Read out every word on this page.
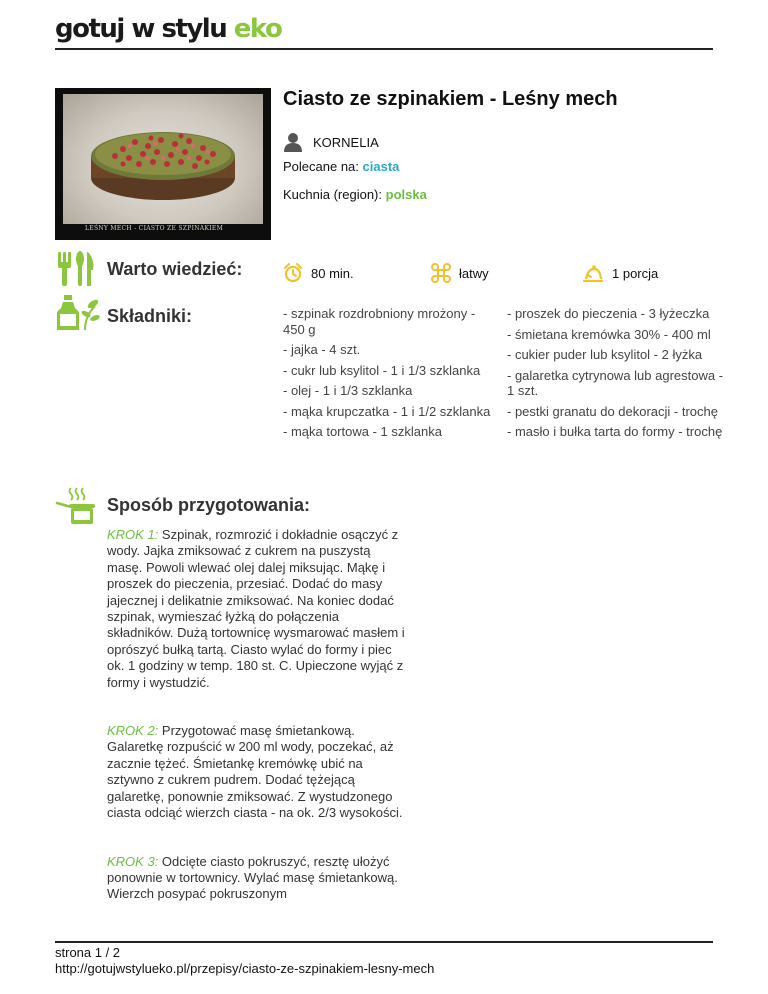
gotuj w stylu eko
LEŚNY MECH - CIASTO ZE SZPINAKIEM
Ciasto ze szpinakiem - Leśny mech
KORNELIA
Polecane na: ciasta
Kuchnia (region): polska
Warto wiedzieć:	80 min.	łatwy	1 porcja
Składniki:	- szpinak rozdrobniony mrożony - 450 g
- jajka - 4 szt.
- cukr lub ksylitol - 1 i 1/3 szklanka
- olej - 1 i 1/3 szklanka
- mąka krupczatka - 1 i 1/2 szklanka
- mąka tortowa - 1 szklanka
- proszek do pieczenia - 3 łyżeczka
- śmietana kremówka 30% - 400 ml
- cukier puder lub ksylitol - 2 łyżka
- galaretka cytrynowa lub agrestowa - 1 szt.
- pestki granatu do dekoracji - trochę
- masło i bułka tarta do formy - trochę
Sposób przygotowania:

KROK 1: Szpinak, rozmrozić i dokładnie osączyć z wody. Jajka zmiksować z cukrem na puszystą masę. Powoli wlewać olej dalej miksując. Mąkę i proszek do pieczenia, przesiać. Dodać do masy jajecznej i delikatnie zmiksować. Na koniec dodać szpinak, wymieszać łyżką do połączenia składników. Dużą tortownicę wysmarować masłem i oprószyć bułką tartą. Ciasto wylać do formy i piec ok. 1 godziny w temp. 180 st. C. Upieczone wyjąć z formy i wystudzić.

KROK 2: Przygotować masę śmietankową. Galaretkę rozpuścić w 200 ml wody, poczekać, aż zacznie tężeć. Śmietankę kremówkę ubić na sztywno z cukrem pudrem. Dodać tężejącą galaretkę, ponownie zmiksować. Z wystudzonego ciasta odciąć wierzch ciasta - na ok. 2/3 wysokości.

KROK 3: Odcięte ciasto pokruszyć, resztę ułożyć ponownie w tortownicy. Wylać masę śmietankową. Wierzch posypać pokruszonym

strona 1 / 2
http://gotujwstylueko.pl/przepisy/ciasto-ze-szpinakiem-lesny-mech
